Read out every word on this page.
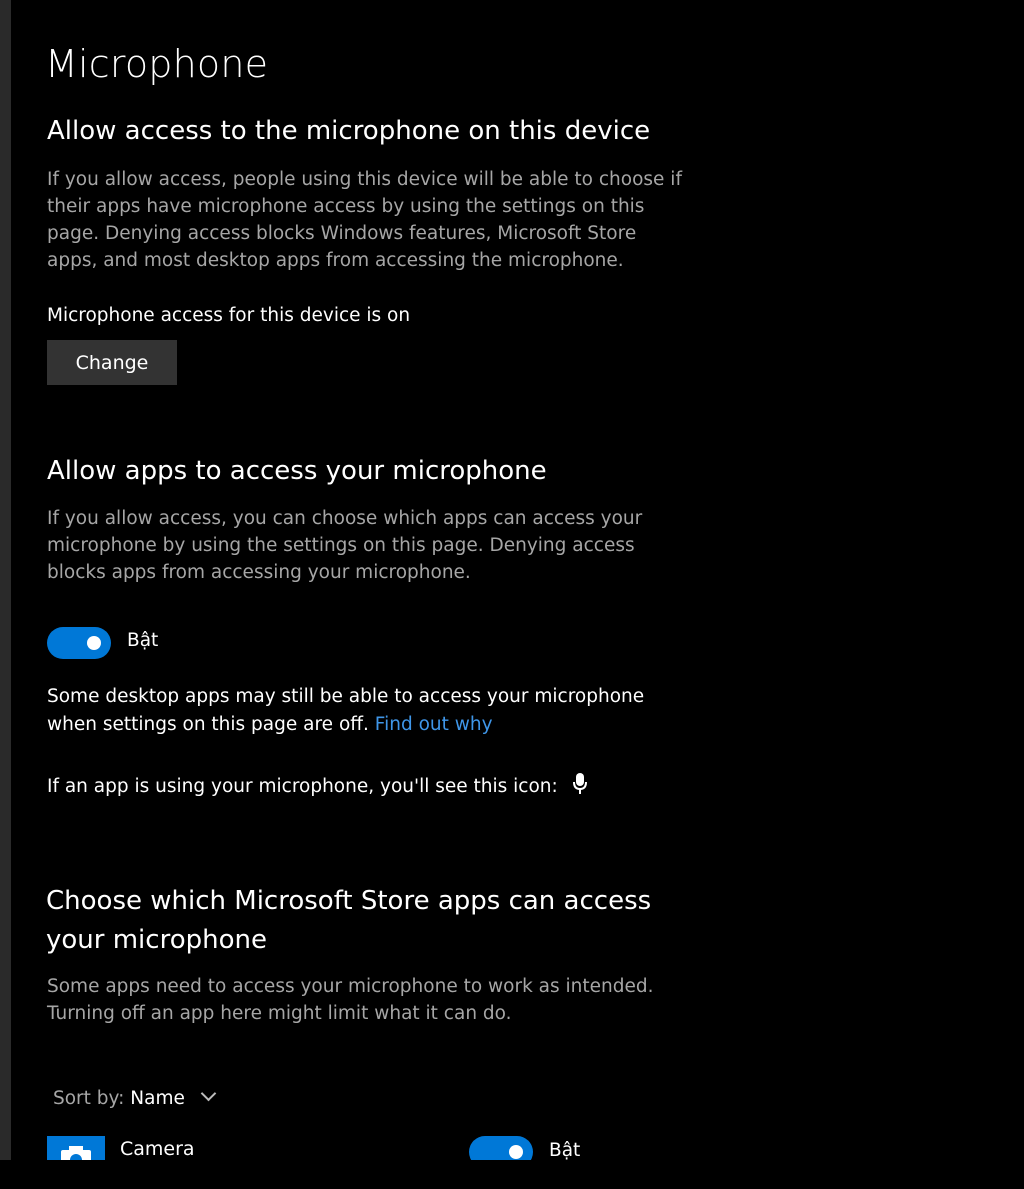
Microphone
Allow access to the microphone on this device
If you allow access, people using this device will be able to choose if their apps have microphone access by using the settings on this page. Denying access blocks Windows features, Microsoft Store apps, and most desktop apps from accessing the microphone.
Microphone access for this device is on
Change
Allow apps to access your microphone
If you allow access, you can choose which apps can access your microphone by using the settings on this page. Denying access blocks apps from accessing your microphone.
Bật
Some desktop apps may still be able to access your microphone when settings on this page are off. Find out why
If an app is using your microphone, you'll see this icon:
Choose which Microsoft Store apps can access
your microphone
Some apps need to access your microphone to work as intended. Turning off an app here might limit what it can do.
Sort by: Name
Camera	Bật
